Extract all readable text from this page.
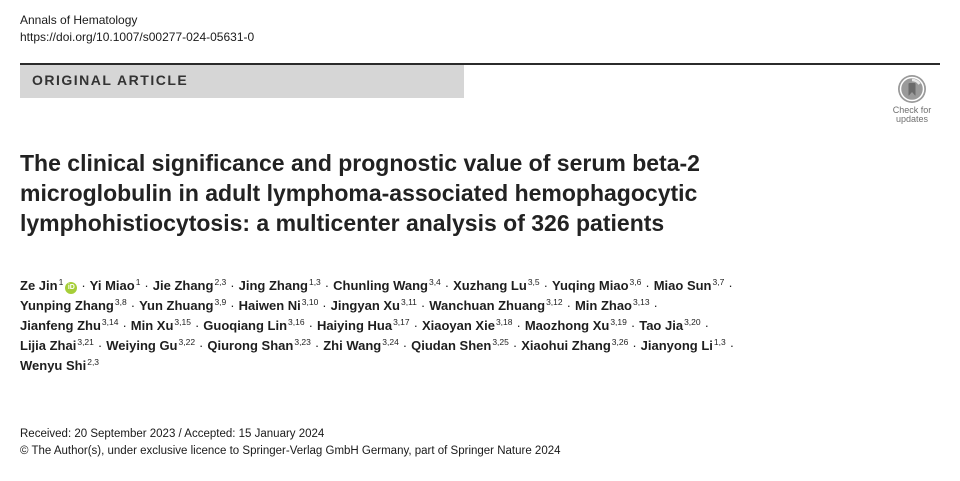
Annals of Hematology
https://doi.org/10.1007/s00277-024-05631-0
ORIGINAL ARTICLE
Check for
updates
The clinical significance and prognostic value of serum beta-2
microglobulin in adult lymphoma-associated hemophagocytic
lymphohistiocytosis: a multicenter analysis of 326 patients
Ze Jin$^1$iD · Yi Miao$^1$ · Jie Zhang$^{2,3}$ · Jing Zhang$^{1,3}$ · Chunling Wang$^{3,4}$ · Xuzhang Lu$^{3,5}$ · Yuqing Miao$^{3,6}$ · Miao Sun$^{3,7}$ ·
Yunping Zhang$^{3,8}$ · Yun Zhuang$^{3,9}$ · Haiwen Ni$^{3,10}$ · Jingyan Xu$^{3,11}$ · Wanchuan Zhuang$^{3,12}$ · Min Zhao$^{3,13}$ ·
Jianfeng Zhu$^{3,14}$ · Min Xu$^{3,15}$ · Guoqiang Lin$^{3,16}$ · Haiying Hua$^{3,17}$ · Xiaoyan Xie$^{3,18}$ · Maozhong Xu$^{3,19}$ · Tao Jia$^{3,20}$ ·
Lijia Zhai$^{3,21}$ · Weiying Gu$^{3,22}$ · Qiurong Shan$^{3,23}$ · Zhi Wang$^{3,24}$ · Qiudan Shen$^{3,25}$ · Xiaohui Zhang$^{3,26}$ · Jianyong Li$^{1,3}$ ·
Wenyu Shi$^{2,3}$
Received: 20 September 2023 / Accepted: 15 January 2024
© The Author(s), under exclusive licence to Springer-Verlag GmbH Germany, part of Springer Nature 2024
